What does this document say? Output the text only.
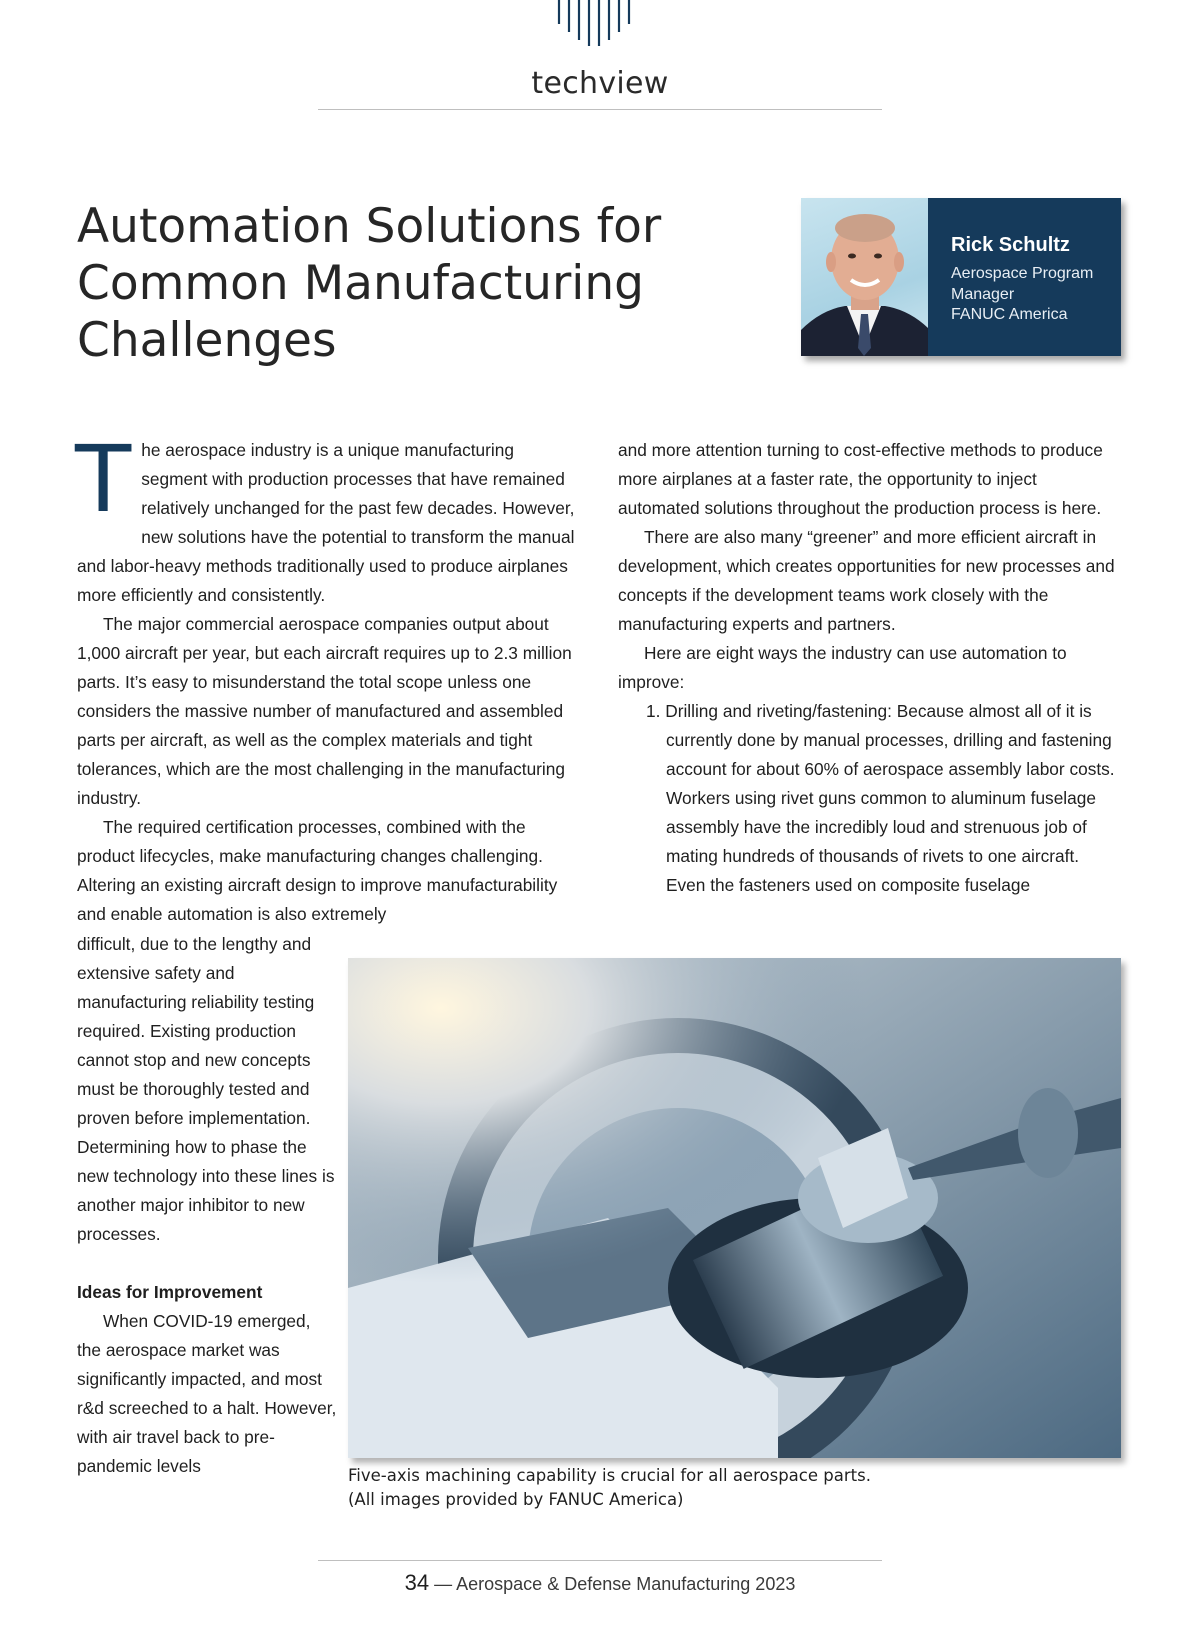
techview
Automation Solutions for Common Manufacturing Challenges
Rick Schultz
Aerospace Program Manager
FANUC America

The aerospace industry is a unique manufacturing segment with production processes that have remained relatively unchanged for the past few decades. However, new solutions have the potential to transform the manual and labor-heavy methods traditionally used to produce airplanes more efficiently and consistently.

The major commercial aerospace companies output about 1,000 aircraft per year, but each aircraft requires up to 2.3 million parts. It’s easy to misunderstand the total scope unless one considers the massive number of manufactured and assembled parts per aircraft, as well as the complex materials and tight tolerances, which are the most challenging in the manufacturing industry.

The required certification processes, combined with the product lifecycles, make manufacturing changes challenging. Altering an existing aircraft design to improve manufacturability and enable automation is also extremely

difficult, due to the lengthy and extensive safety and manufacturing reliability testing required. Existing production cannot stop and new concepts must be thoroughly tested and proven before implementation. Determining how to phase the new technology into these lines is another major inhibitor to new processes.

Ideas for Improvement

When COVID-19 emerged, the aerospace market was significantly impacted, and most r&d screeched to a halt. However, with air travel back to pre-pandemic levels

and more attention turning to cost-effective methods to produce more airplanes at a faster rate, the opportunity to inject automated solutions throughout the production process is here.

There are also many “greener” and more efficient aircraft in development, which creates opportunities for new processes and concepts if the development teams work closely with the manufacturing experts and partners.

Here are eight ways the industry can use automation to improve:

1. Drilling and riveting/fastening: Because almost all of it is currently done by manual processes, drilling and fastening account for about 60% of aerospace assembly labor costs. Workers using rivet guns common to aluminum fuselage assembly have the incredibly loud and strenuous job of mating hundreds of thousands of rivets to one aircraft. Even the fasteners used on composite fuselage

Five-axis machining capability is crucial for all aerospace parts.
(All images provided by FANUC America)
34 — Aerospace & Defense Manufacturing 2023
